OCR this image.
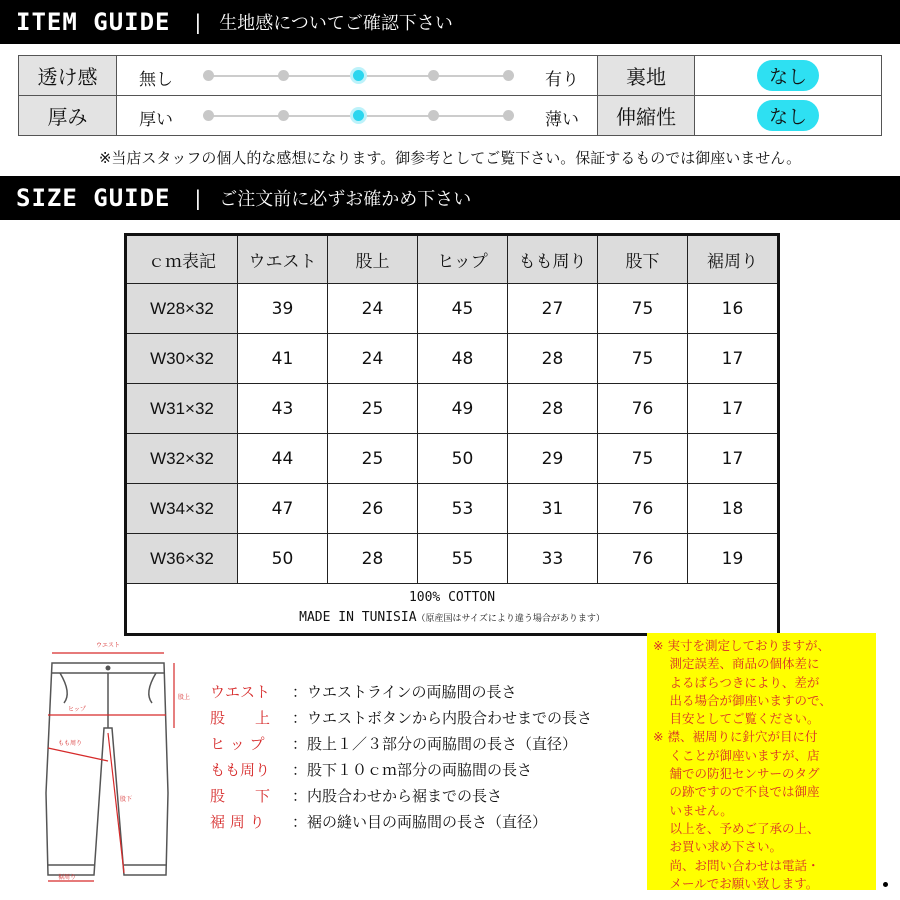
ITEM GUIDE | 生地感についてご確認下さい
透け感	無し 有り	裏地	なし
厚み	厚い 薄い	伸縮性	なし
※当店スタッフの個人的な感想になります。御参考としてご覧下さい。保証するものでは御座いません。
SIZE GUIDE | ご注文前に必ずお確かめ下さい
ｃｍ表記	ウエスト	股上	ヒップ	もも周り	股下	裾周り
W28×32	39	24	45	27	75	16
W30×32	41	24	48	28	75	17
W31×32	43	25	49	28	76	17
W32×32	44	25	50	29	75	17
W34×32	47	26	53	31	76	18
W36×32	50	28	55	33	76	19

100% COTTON
MADE IN TUNISIA（原産国はサイズにより違う場合があります）						
ウエスト
ヒップ
もも周り
股上
股下
裾周り
ウエスト ：ウエストラインの両脇間の長さ
股　　上 ：ウエストボタンから内股合わせまでの長さ
ヒ ッ プ ：股上１／３部分の両脇間の長さ（直径）
もも周り ：股下１０ｃｍ部分の両脇間の長さ
股　　下 ：内股合わせから裾までの長さ
裾 周 り ：裾の縫い目の両脇間の長さ（直径）
※ 実寸を測定しておりますが、
　 測定誤差、商品の個体差に
　 よるばらつきにより、差が
　 出る場合が御座いますので、
　 目安としてご覧ください。
※ 襟、裾周りに針穴が目に付
　 くことが御座いますが、店
　 舗での防犯センサーのタグ
　 の跡ですので不良では御座
　 いません。
　 以上を、予めご了承の上、
　 お買い求め下さい。
　 尚、お問い合わせは電話・
　 メールでお願い致します。
